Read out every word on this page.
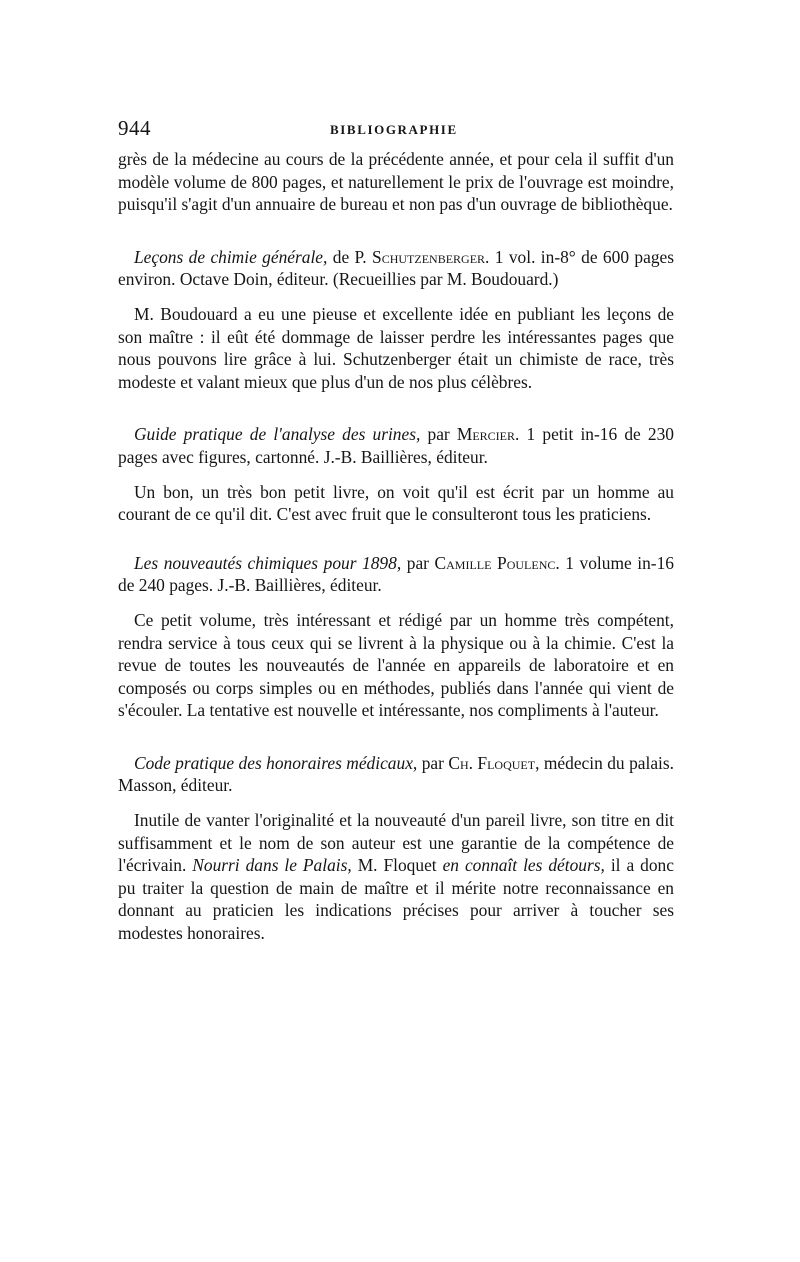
944	BIBLIOGRAPHIE

grès de la médecine au cours de la précédente année, et pour cela il suffit d'un modèle volume de 800 pages, et naturellement le prix de l'ouvrage est moindre, puisqu'il s'agit d'un annuaire de bureau et non pas d'un ouvrage de bibliothèque.

Leçons de chimie générale, de P. Schutzenberger. 1 vol. in-8° de 600 pages environ. Octave Doin, éditeur. (Recueillies par M. Boudouard.)

M. Boudouard a eu une pieuse et excellente idée en publiant les leçons de son maître : il eût été dommage de laisser perdre les intéressantes pages que nous pouvons lire grâce à lui. Schutzenberger était un chimiste de race, très modeste et valant mieux que plus d'un de nos plus célèbres.

Guide pratique de l'analyse des urines, par Mercier. 1 petit in-16 de 230 pages avec figures, cartonné. J.-B. Baillières, éditeur.

Un bon, un très bon petit livre, on voit qu'il est écrit par un homme au courant de ce qu'il dit. C'est avec fruit que le consulteront tous les praticiens.

Les nouveautés chimiques pour 1898, par Camille Poulenc. 1 volume in-16 de 240 pages. J.-B. Baillières, éditeur.

Ce petit volume, très intéressant et rédigé par un homme très compétent, rendra service à tous ceux qui se livrent à la physique ou à la chimie. C'est la revue de toutes les nouveautés de l'année en appareils de laboratoire et en composés ou corps simples ou en méthodes, publiés dans l'année qui vient de s'écouler. La tentative est nouvelle et intéressante, nos compliments à l'auteur.

Code pratique des honoraires médicaux, par Ch. Floquet, médecin du palais. Masson, éditeur.

Inutile de vanter l'originalité et la nouveauté d'un pareil livre, son titre en dit suffisamment et le nom de son auteur est une garantie de la compétence de l'écrivain. Nourri dans le Palais, M. Floquet en connaît les détours, il a donc pu traiter la question de main de maître et il mérite notre reconnaissance en donnant au praticien les indications précises pour arriver à toucher ses modestes honoraires.
